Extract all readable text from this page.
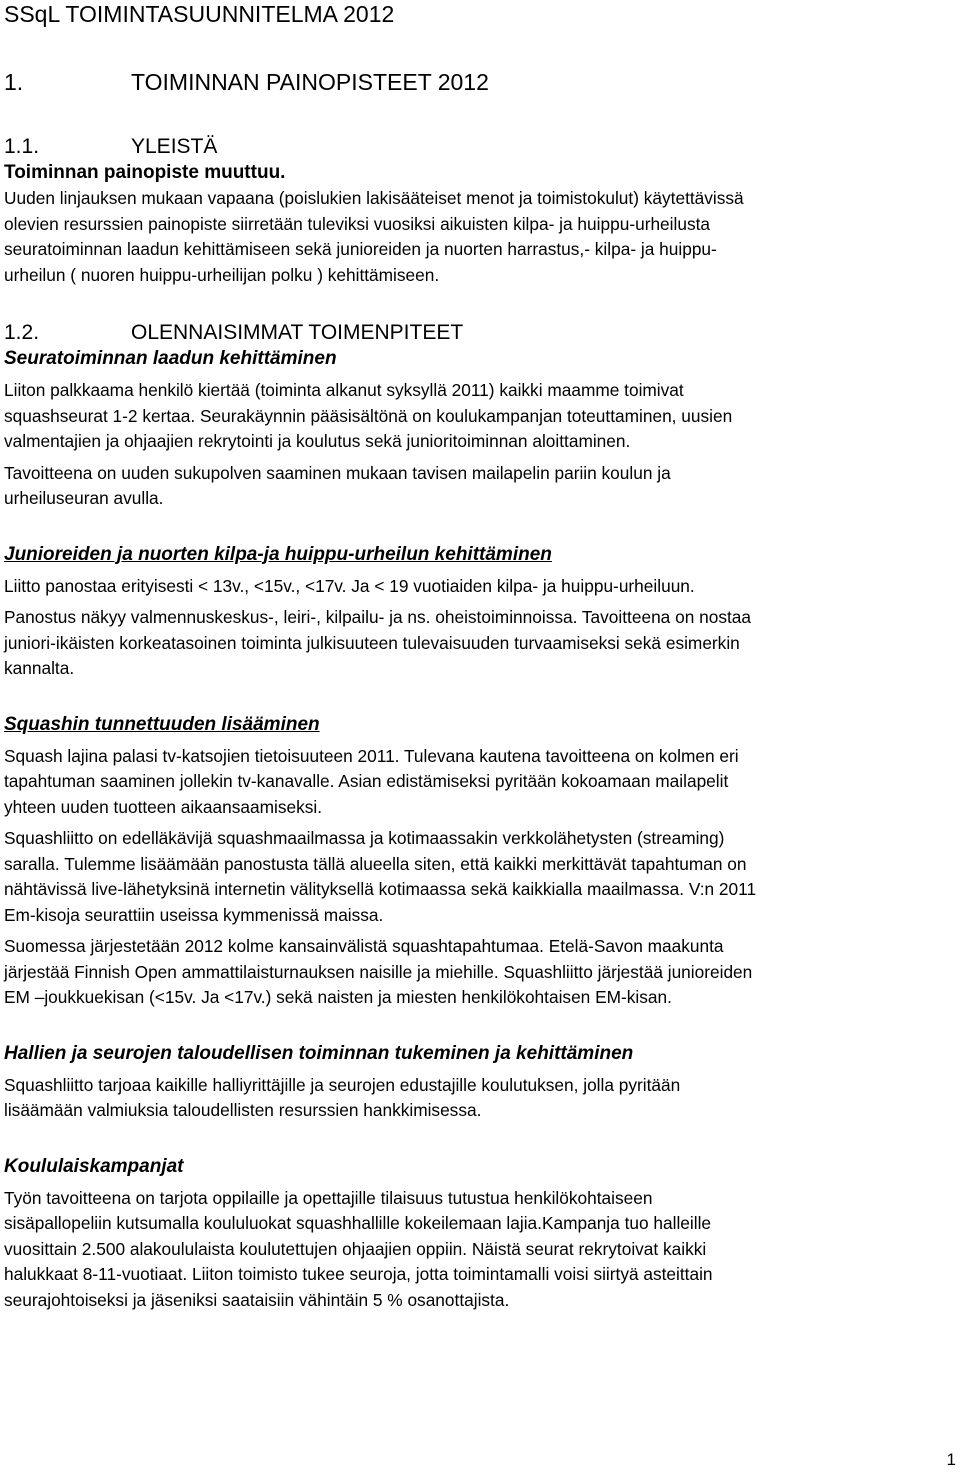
SSqL TOIMINTASUUNNITELMA 2012
1.	TOIMINNAN PAINOPISTEET 2012
1.1.	YLEISTÄ
Toiminnan painopiste muuttuu.

Uuden linjauksen mukaan vapaana (poislukien lakisääteiset menot ja toimistokulut) käytettävissä

olevien resurssien painopiste siirretään tuleviksi vuosiksi aikuisten kilpa- ja huippu-urheilusta

seuratoiminnan laadun kehittämiseen sekä junioreiden ja nuorten harrastus,- kilpa- ja huippu-

urheilun ( nuoren huippu-urheilijan polku ) kehittämiseen.

1.2.	OLENNAISIMMAT TOIMENPITEET
Seuratoiminnan laadun kehittäminen

Liiton palkkaama henkilö kiertää (toiminta alkanut syksyllä 2011) kaikki maamme toimivat

squashseurat 1-2 kertaa. Seurakäynnin pääsisältönä on koulukampanjan toteuttaminen, uusien

valmentajien ja ohjaajien rekrytointi ja koulutus sekä junioritoiminnan aloittaminen.

Tavoitteena on uuden sukupolven saaminen mukaan tavisen mailapelin pariin koulun ja

urheiluseuran avulla.

Junioreiden ja nuorten kilpa-ja huippu-urheilun kehittäminen

Liitto panostaa erityisesti < 13v., <15v., <17v. Ja < 19 vuotiaiden kilpa- ja huippu-urheiluun.

Panostus näkyy valmennuskeskus-, leiri-, kilpailu- ja ns. oheistoiminnoissa. Tavoitteena on nostaa

juniori-ikäisten korkeatasoinen toiminta julkisuuteen tulevaisuuden turvaamiseksi sekä esimerkin

kannalta.

Squashin tunnettuuden lisääminen

Squash lajina palasi tv-katsojien tietoisuuteen 2011. Tulevana kautena tavoitteena on kolmen eri

tapahtuman saaminen jollekin tv-kanavalle. Asian edistämiseksi pyritään kokoamaan mailapelit

yhteen uuden tuotteen aikaansaamiseksi.

Squashliitto on edelläkävijä squashmaailmassa ja kotimaassakin verkkolähetysten (streaming)

saralla. Tulemme lisäämään panostusta tällä alueella siten, että kaikki merkittävät tapahtuman on

nähtävissä live-lähetyksinä internetin välityksellä kotimaassa sekä kaikkialla maailmassa. V:n 2011

Em-kisoja seurattiin useissa kymmenissä maissa.

Suomessa järjestetään 2012 kolme kansainvälistä squashtapahtumaa. Etelä-Savon maakunta

järjestää Finnish Open ammattilaisturnauksen naisille ja miehille. Squashliitto järjestää junioreiden

EM –joukkuekisan (<15v. Ja <17v.) sekä naisten ja miesten henkilökohtaisen EM-kisan.

Hallien ja seurojen taloudellisen toiminnan tukeminen ja kehittäminen

Squashliitto tarjoaa kaikille halliyrittäjille ja seurojen edustajille koulutuksen, jolla pyritään

lisäämään valmiuksia taloudellisten resurssien hankkimisessa.

Koululaiskampanjat

Työn tavoitteena on tarjota oppilaille ja opettajille tilaisuus tutustua henkilökohtaiseen

sisäpallopeliin kutsumalla koululuokat squashhallille kokeilemaan lajia.Kampanja tuo halleille

vuosittain 2.500 alakoululaista koulutettujen ohjaajien oppiin. Näistä seurat rekrytoivat kaikki

halukkaat 8-11-vuotiaat. Liiton toimisto tukee seuroja, jotta toimintamalli voisi siirtyä asteittain

seurajohtoiseksi ja jäseniksi saataisiin vähintäin 5 % osanottajista.

1
